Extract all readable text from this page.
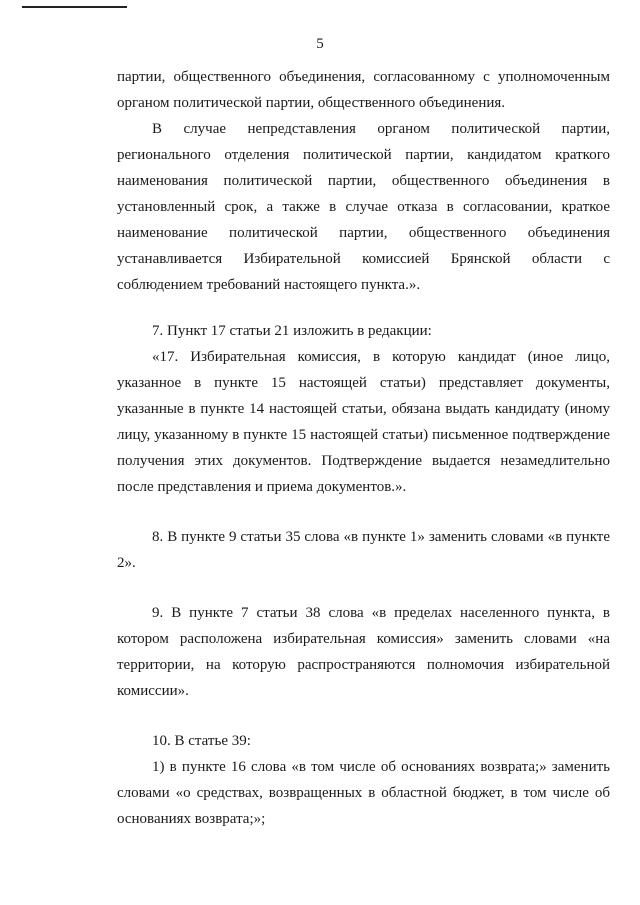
5

партии, общественного объединения, согласованному с уполномоченным органом политической партии, общественного объединения.

В случае непредставления органом политической партии, регионального отделения политической партии, кандидатом краткого наименования политической партии, общественного объединения в установленный срок, а также в случае отказа в согласовании, краткое наименование политической партии, общественного объединения устанавливается Избирательной комиссией Брянской области с соблюдением требований настоящего пункта.».

7. Пункт 17 статьи 21 изложить в редакции:

«17. Избирательная комиссия, в которую кандидат (иное лицо, указанное в пункте 15 настоящей статьи) представляет документы, указанные в пункте 14 настоящей статьи, обязана выдать кандидату (иному лицу, указанному в пункте 15 настоящей статьи) письменное подтверждение получения этих документов. Подтверждение выдается незамедлительно после представления и приема документов.».

8. В пункте 9 статьи 35 слова «в пункте 1» заменить словами «в пункте 2».

9. В пункте 7 статьи 38 слова «в пределах населенного пункта, в котором расположена избирательная комиссия» заменить словами «на территории, на которую распространяются полномочия избирательной комиссии».

10. В статье 39:

1) в пункте 16 слова «в том числе об основаниях возврата;» заменить словами «о средствах, возвращенных в областной бюджет, в том числе об основаниях возврата;»;
